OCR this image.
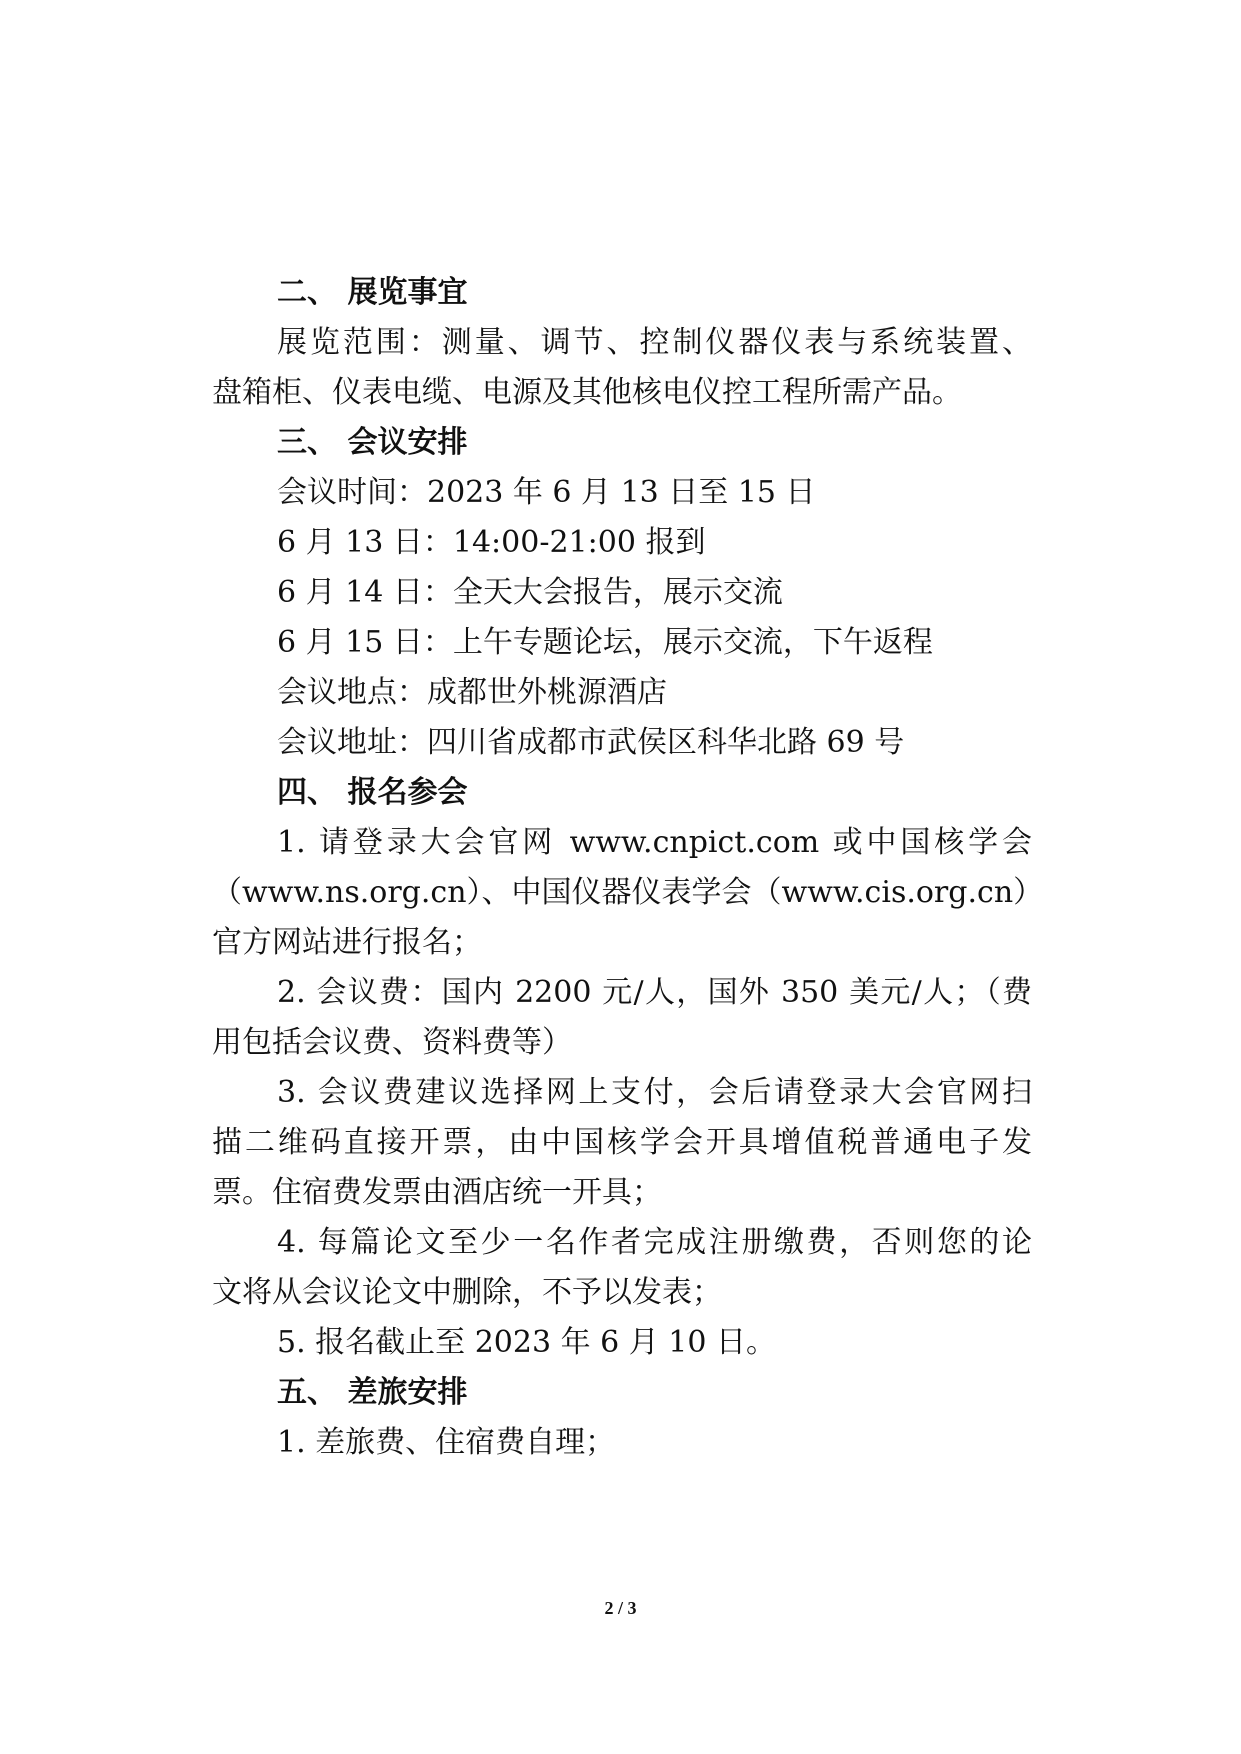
二、 展览事宜
展览范围：测量、调节、控制仪器仪表与系统装置、
盘箱柜、仪表电缆、电源及其他核电仪控工程所需产品。
三、 会议安排
会议时间：2023 年 6 月 13 日至 15 日
6 月 13 日：14:00-21:00 报到
6 月 14 日：全天大会报告，展示交流
6 月 15 日：上午专题论坛，展示交流，下午返程
会议地点：成都世外桃源酒店
会议地址：四川省成都市武侯区科华北路 69 号
四、 报名参会
1. 请登录大会官网 www.cnpict.com 或中国核学会
（www.ns.org.cn）、中国仪器仪表学会（www.cis.org.cn）
官方网站进行报名；
2. 会议费：国内 2200 元/人，国外 350 美元/人；（费
用包括会议费、资料费等）
3. 会议费建议选择网上支付，会后请登录大会官网扫
描二维码直接开票，由中国核学会开具增值税普通电子发
票。住宿费发票由酒店统一开具；
4. 每篇论文至少一名作者完成注册缴费，否则您的论
文将从会议论文中删除，不予以发表；
5. 报名截止至 2023 年 6 月 10 日。
五、 差旅安排
1. 差旅费、住宿费自理；
2 / 3
